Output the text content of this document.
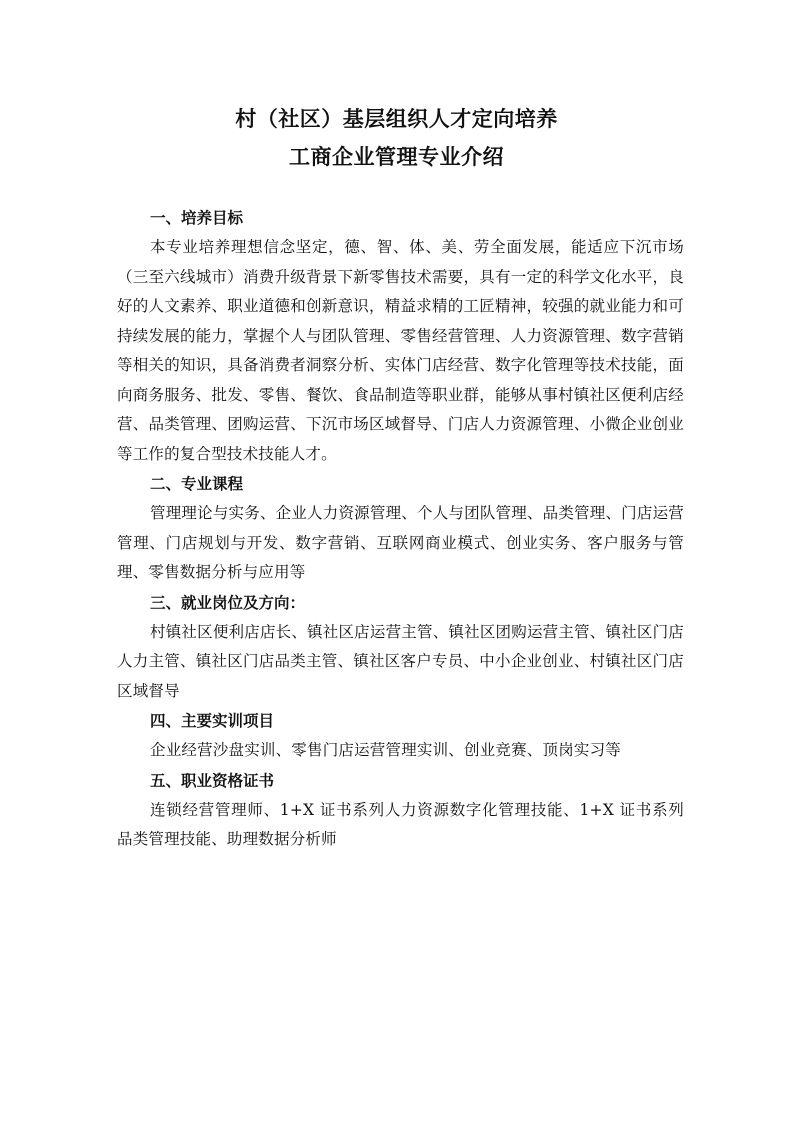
村（社区）基层组织人才定向培养
工商企业管理专业介绍

一、培养目标

本专业培养理想信念坚定，德、智、体、美、劳全面发展，能适应下沉市场（三至六线城市）消费升级背景下新零售技术需要，具有一定的科学文化水平，良好的人文素养、职业道德和创新意识，精益求精的工匠精神，较强的就业能力和可持续发展的能力，掌握个人与团队管理、零售经营管理、人力资源管理、数字营销等相关的知识，具备消费者洞察分析、实体门店经营、数字化管理等技术技能，面向商务服务、批发、零售、餐饮、食品制造等职业群，能够从事村镇社区便利店经营、品类管理、团购运营、下沉市场区域督导、门店人力资源管理、小微企业创业等工作的复合型技术技能人才。

二、专业课程

管理理论与实务、企业人力资源管理、个人与团队管理、品类管理、门店运营管理、门店规划与开发、数字营销、互联网商业模式、创业实务、客户服务与管理、零售数据分析与应用等

三、就业岗位及方向：

村镇社区便利店店长、镇社区店运营主管、镇社区团购运营主管、镇社区门店人力主管、镇社区门店品类主管、镇社区客户专员、中小企业创业、村镇社区门店区域督导

四、主要实训项目

企业经营沙盘实训、零售门店运营管理实训、创业竞赛、顶岗实习等

五、职业资格证书

连锁经营管理师、1+X 证书系列人力资源数字化管理技能、1+X 证书系列品类管理技能、助理数据分析师
